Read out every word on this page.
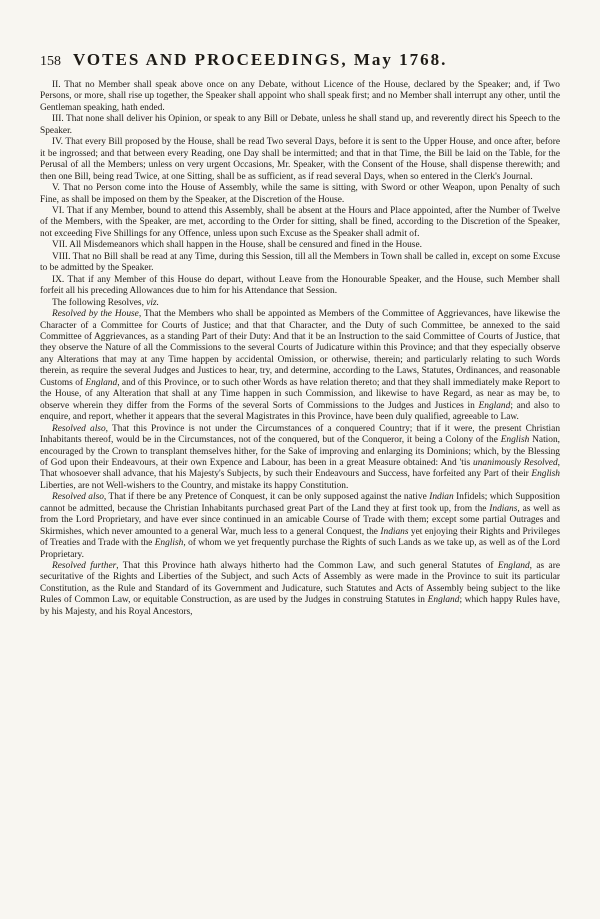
158 VOTES AND PROCEEDINGS, May 1768.

II. That no Member shall speak above once on any Debate, without Licence of the House, declared by the Speaker; and, if Two Persons, or more, shall rise up together, the Speaker shall appoint who shall speak first; and no Member shall interrupt any other, until the Gentleman speaking, hath ended.

III. That none shall deliver his Opinion, or speak to any Bill or Debate, unless he shall stand up, and reverently direct his Speech to the Speaker.

IV. That every Bill proposed by the House, shall be read Two several Days, before it is sent to the Upper House, and once after, before it be ingrossed; and that between every Reading, one Day shall be intermitted; and that in that Time, the Bill be laid on the Table, for the Perusal of all the Members; unless on very urgent Occasions, Mr. Speaker, with the Consent of the House, shall dispense therewith; and then one Bill, being read Twice, at one Sitting, shall be as sufficient, as if read several Days, when so entered in the Clerk's Journal.

V. That no Person come into the House of Assembly, while the same is sitting, with Sword or other Weapon, upon Penalty of such Fine, as shall be imposed on them by the Speaker, at the Discretion of the House.

VI. That if any Member, bound to attend this Assembly, shall be absent at the Hours and Place appointed, after the Number of Twelve of the Members, with the Speaker, are met, according to the Order for sitting, shall be fined, according to the Discretion of the Speaker, not exceeding Five Shillings for any Offence, unless upon such Excuse as the Speaker shall admit of.

VII. All Misdemeanors which shall happen in the House, shall be censured and fined in the House.

VIII. That no Bill shall be read at any Time, during this Session, till all the Members in Town shall be called in, except on some Excuse to be admitted by the Speaker.

IX. That if any Member of this House do depart, without Leave from the Honourable Speaker, and the House, such Member shall forfeit all his preceding Allowances due to him for his Attendance that Session.

The following Resolves, viz.

Resolved by the House, That the Members who shall be appointed as Members of the Committee of Aggrievances, have likewise the Character of a Committee for Courts of Justice; and that that Character, and the Duty of such Committee, be annexed to the said Committee of Aggrievances, as a standing Part of their Duty: And that it be an Instruction to the said Committee of Courts of Justice, that they observe the Nature of all the Commissions to the several Courts of Judicature within this Province; and that they especially observe any Alterations that may at any Time happen by accidental Omission, or otherwise, therein; and particularly relating to such Words therein, as require the several Judges and Justices to hear, try, and determine, according to the Laws, Statutes, Ordinances, and reasonable Customs of England, and of this Province, or to such other Words as have relation thereto; and that they shall immediately make Report to the House, of any Alteration that shall at any Time happen in such Commission, and likewise to have Regard, as near as may be, to observe wherein they differ from the Forms of the several Sorts of Commissions to the Judges and Justices in England; and also to enquire, and report, whether it appears that the several Magistrates in this Province, have been duly qualified, agreeable to Law.

Resolved also, That this Province is not under the Circumstances of a conquered Country; that if it were, the present Christian Inhabitants thereof, would be in the Circumstances, not of the conquered, but of the Conqueror, it being a Colony of the English Nation, encouraged by the Crown to transplant themselves hither, for the Sake of improving and enlarging its Dominions; which, by the Blessing of God upon their Endeavours, at their own Expence and Labour, has been in a great Measure obtained: And 'tis unanimously Resolved, That whosoever shall advance, that his Majesty's Subjects, by such their Endeavours and Success, have forfeited any Part of their English Liberties, are not Well-wishers to the Country, and mistake its happy Constitution.

Resolved also, That if there be any Pretence of Conquest, it can be only supposed against the native Indian Infidels; which Supposition cannot be admitted, because the Christian Inhabitants purchased great Part of the Land they at first took up, from the Indians, as well as from the Lord Proprietary, and have ever since continued in an amicable Course of Trade with them; except some partial Outrages and Skirmishes, which never amounted to a general War, much less to a general Conquest, the Indians yet enjoying their Rights and Privileges of Treaties and Trade with the English, of whom we yet frequently purchase the Rights of such Lands as we take up, as well as of the Lord Proprietary.

Resolved further, That this Province hath always hitherto had the Common Law, and such general Statutes of England, as are securitative of the Rights and Liberties of the Subject, and such Acts of Assembly as were made in the Province to suit its particular Constitution, as the Rule and Standard of its Government and Judicature, such Statutes and Acts of Assembly being subject to the like Rules of Common Law, or equitable Construction, as are used by the Judges in construing Statutes in England; which happy Rules have, by his Majesty, and his Royal Ancestors,
